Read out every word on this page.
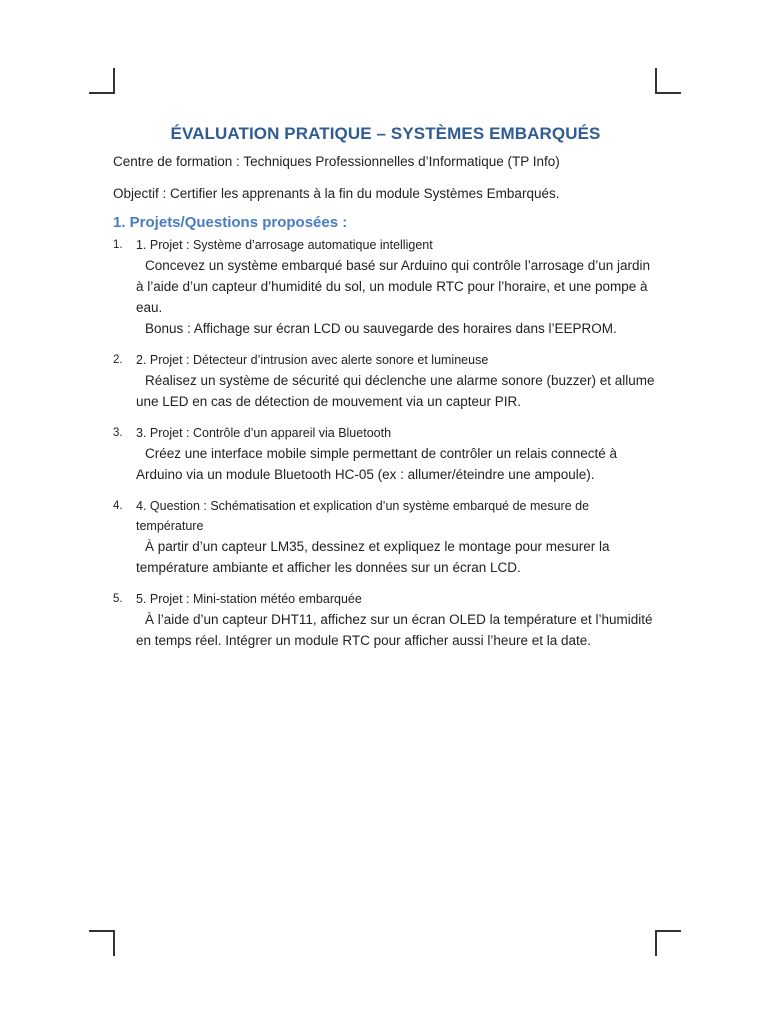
ÉVALUATION PRATIQUE – SYSTÈMES EMBARQUÉS

Centre de formation : Techniques Professionnelles d’Informatique (TP Info)

Objectif : Certifier les apprenants à la fin du module Systèmes Embarqués.

1. Projets/Questions proposées :
1. 1. Projet : Système d’arrosage automatique intelligent
Concevez un système embarqué basé sur Arduino qui contrôle l’arrosage d’un jardin à l’aide d’un capteur d’humidité du sol, un module RTC pour l’horaire, et une pompe à eau.
Bonus : Affichage sur écran LCD ou sauvegarde des horaires dans l’EEPROM.
2. 2. Projet : Détecteur d’intrusion avec alerte sonore et lumineuse
Réalisez un système de sécurité qui déclenche une alarme sonore (buzzer) et allume une LED en cas de détection de mouvement via un capteur PIR.
3. 3. Projet : Contrôle d’un appareil via Bluetooth
Créez une interface mobile simple permettant de contrôler un relais connecté à Arduino via un module Bluetooth HC-05 (ex : allumer/éteindre une ampoule).
4. 4. Question : Schématisation et explication d’un système embarqué de mesure de température
À partir d’un capteur LM35, dessinez et expliquez le montage pour mesurer la température ambiante et afficher les données sur un écran LCD.
5. 5. Projet : Mini-station météo embarquée
À l’aide d’un capteur DHT11, affichez sur un écran OLED la température et l’humidité en temps réel. Intégrer un module RTC pour afficher aussi l’heure et la date.
